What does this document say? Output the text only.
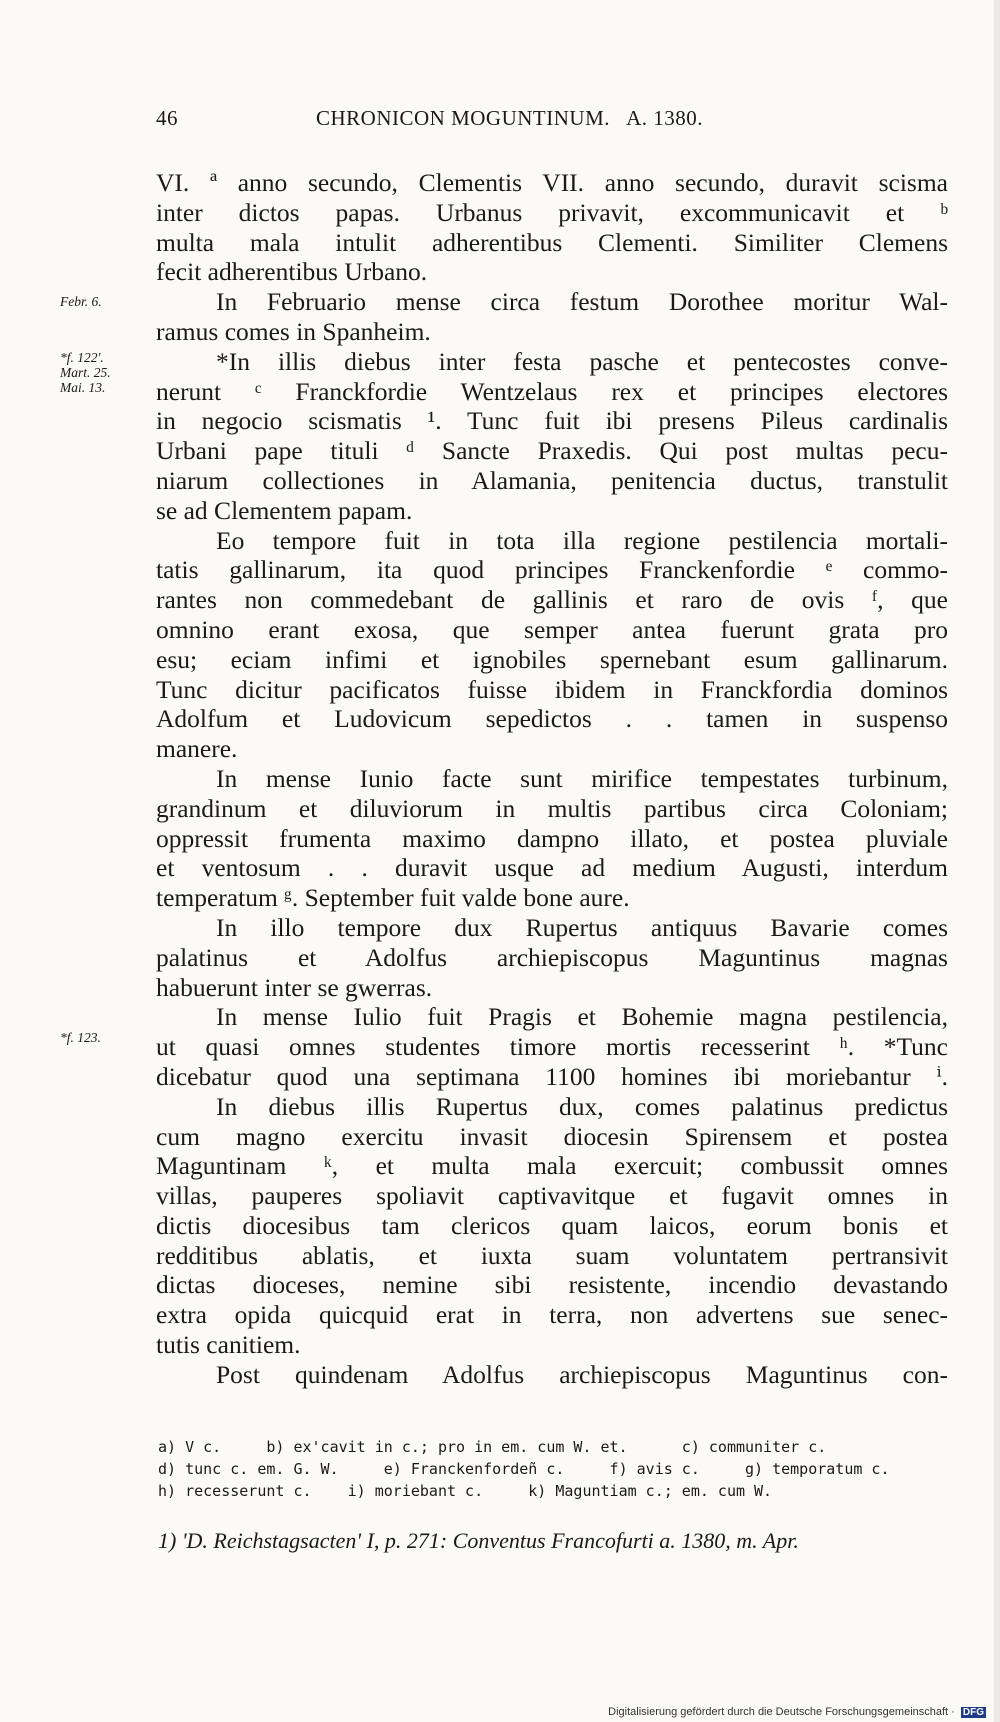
46	CHRONICON MOGUNTINUM.   A. 1380.
Febr. 6.
*f. 122'.
Mart. 25.
Mai. 13.
*f. 123.
VI. ª anno secundo, Clementis VII. anno secundo, duravit scisma
inter dictos papas. Urbanus privavit, excommunicavit et ᵇ
multa mala intulit adherentibus Clementi. Similiter Clemens
fecit adherentibus Urbano.
In Februario mense circa festum Dorothee moritur Wal-
ramus comes in Spanheim.
*In illis diebus inter festa pasche et pentecostes conve-
nerunt ᶜ Franckfordie Wentzelaus rex et principes electores
in negocio scismatis ¹. Tunc fuit ibi presens Pileus cardinalis
Urbani pape tituli ᵈ Sancte Praxedis. Qui post multas pecu-
niarum collectiones in Alamania, penitencia ductus, transtulit
se ad Clementem papam.
Eo tempore fuit in tota illa regione pestilencia mortali-
tatis gallinarum, ita quod principes Franckenfordie ᵉ commo-
rantes non commedebant de gallinis et raro de ovis ᶠ, que
omnino erant exosa, que semper antea fuerunt grata pro
esu; eciam infimi et ignobiles spernebant esum gallinarum.
Tunc dicitur pacificatos fuisse ibidem in Franckfordia dominos
Adolfum et Ludovicum sepedictos . . tamen in suspenso
manere.
In mense Iunio facte sunt mirifice tempestates turbinum,
grandinum et diluviorum in multis partibus circa Coloniam;
oppressit frumenta maximo dampno illato, et postea pluviale
et ventosum . . duravit usque ad medium Augusti, interdum
temperatum ᵍ. September fuit valde bone aure.
In illo tempore dux Rupertus antiquus Bavarie comes
palatinus et Adolfus archiepiscopus Maguntinus magnas
habuerunt inter se gwerras.
In mense Iulio fuit Pragis et Bohemie magna pestilencia,
ut quasi omnes studentes timore mortis recesserint ʰ. *Tunc
dicebatur quod una septimana 1100 homines ibi moriebantur ⁱ.
In diebus illis Rupertus dux, comes palatinus predictus
cum magno exercitu invasit diocesin Spirensem et postea
Maguntinam ᵏ, et multa mala exercuit; combussit omnes
villas, pauperes spoliavit captivavitque et fugavit omnes in
dictis diocesibus tam clericos quam laicos, eorum bonis et
redditibus ablatis, et iuxta suam voluntatem pertransivit
dictas dioceses, nemine sibi resistente, incendio devastando
extra opida quicquid erat in terra, non advertens sue senec-
tutis canitiem.
Post quindenam Adolfus archiepiscopus Maguntinus con-
a) V c.     b) ex'cavit in c.; pro in em. cum W. et.      c) communiter c.
d) tunc c. em. G. W.     e) Franckenfordeñ c.     f) avis c.     g) temporatum c.
h) recesserunt c.    i) moriebant c.     k) Maguntiam c.; em. cum W.
1) 'D. Reichstagsacten' I, p. 271: Conventus Francofurti a. 1380, m. Apr.
Digitalisierung gefördert durch die Deutsche Forschungsgemeinschaft · DFG
